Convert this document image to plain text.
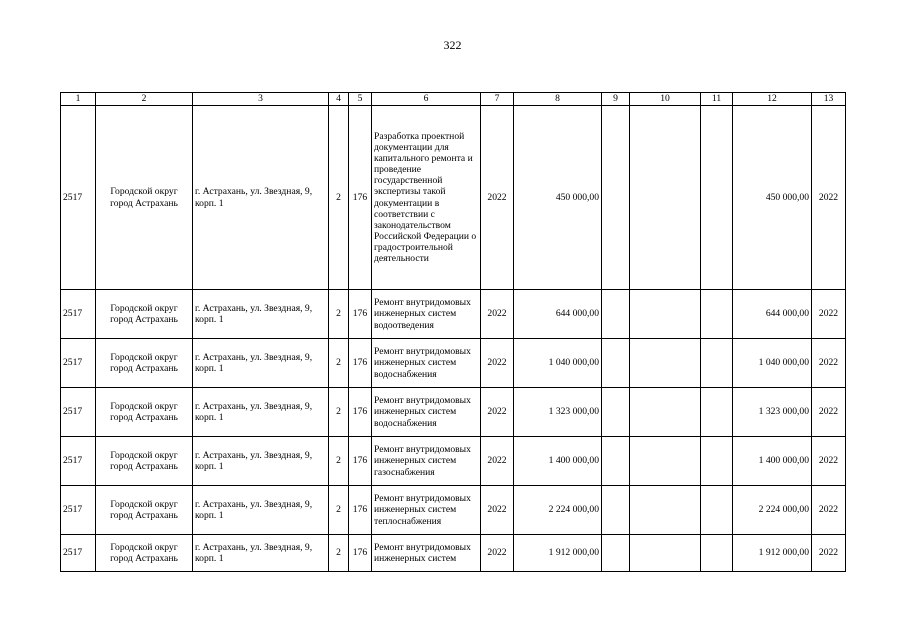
322
1	2	3	4	5	6	7	8	9	10	11	12	13
2517	Городской округ город Астрахань	г. Астрахань, ул. Звездная, 9, корп. 1	2	176	Разработка проектной документации для капитального ремонта и проведение государственной экспертизы такой документации в соответствии с законодательством Российской Федерации о градостроительной деятельности	2022	450 000,00				450 000,00	2022
2517	Городской округ город Астрахань	г. Астрахань, ул. Звездная, 9, корп. 1	2	176	Ремонт внутридомовых инженерных систем водоотведения	2022	644 000,00				644 000,00	2022
2517	Городской округ город Астрахань	г. Астрахань, ул. Звездная, 9, корп. 1	2	176	Ремонт внутридомовых инженерных систем водоснабжения	2022	1 040 000,00				1 040 000,00	2022
2517	Городской округ город Астрахань	г. Астрахань, ул. Звездная, 9, корп. 1	2	176	Ремонт внутридомовых инженерных систем водоснабжения	2022	1 323 000,00				1 323 000,00	2022
2517	Городской округ город Астрахань	г. Астрахань, ул. Звездная, 9, корп. 1	2	176	Ремонт внутридомовых инженерных систем газоснабжения	2022	1 400 000,00				1 400 000,00	2022
2517	Городской округ город Астрахань	г. Астрахань, ул. Звездная, 9, корп. 1	2	176	Ремонт внутридомовых инженерных систем теплоснабжения	2022	2 224 000,00				2 224 000,00	2022
2517	Городской округ город Астрахань	г. Астрахань, ул. Звездная, 9, корп. 1	2	176	Ремонт внутридомовых инженерных систем	2022	1 912 000,00				1 912 000,00	2022
